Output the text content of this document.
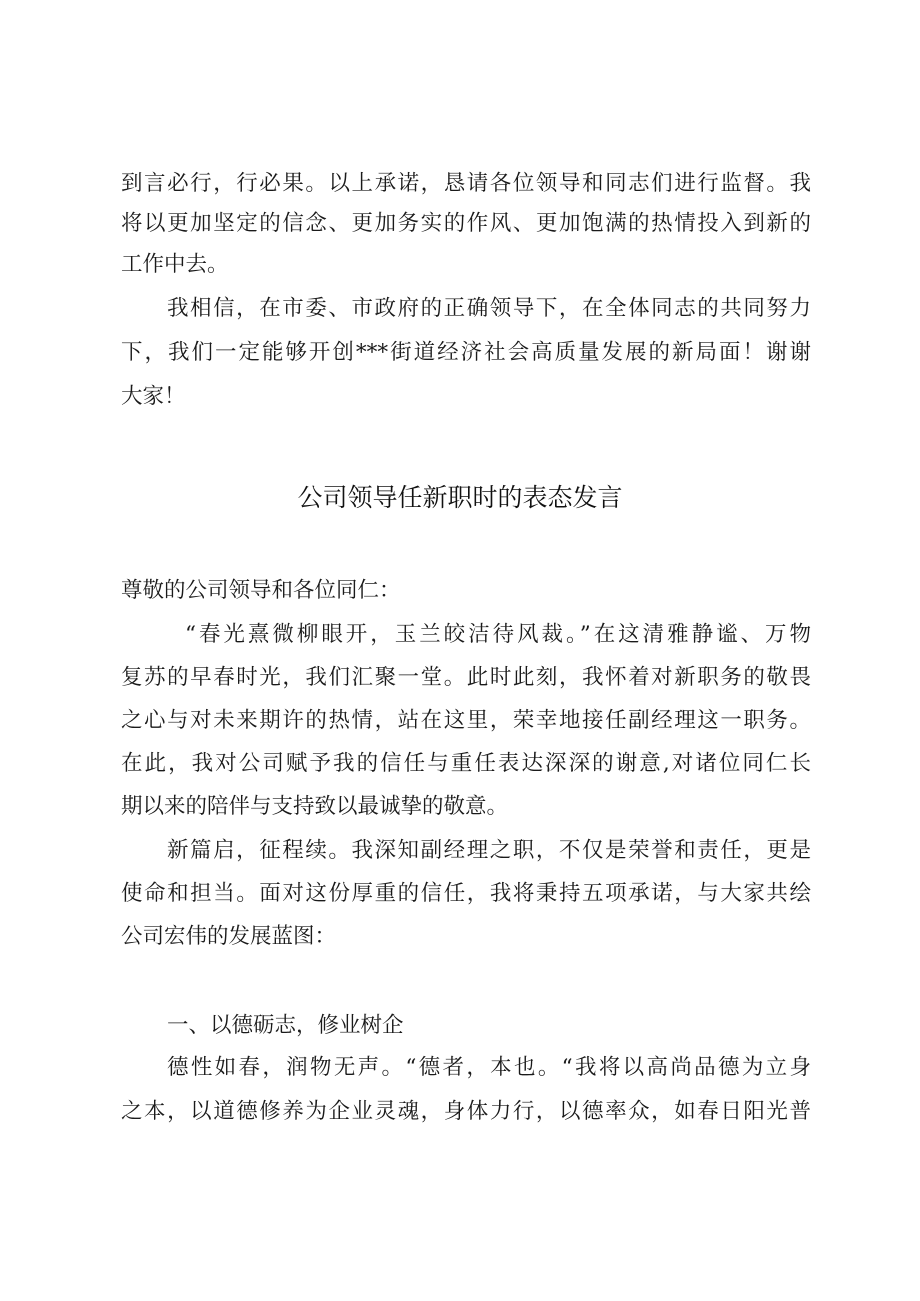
到言必行，行必果。以上承诺，恳请各位领导和同志们进行监督。我
将以更加坚定的信念、更加务实的作风、更加饱满的热情投入到新的
工作中去。
我相信，在市委、市政府的正确领导下，在全体同志的共同努力
下，我们一定能够开创***街道经济社会高质量发展的新局面！谢谢
大家！
公司领导任新职时的表态发言
尊敬的公司领导和各位同仁：
“春光熹微柳眼开，玉兰皎洁待风裁。”在这清雅静谧、万物
复苏的早春时光，我们汇聚一堂。此时此刻，我怀着对新职务的敬畏
之心与对未来期许的热情，站在这里，荣幸地接任副经理这一职务。
在此，我对公司赋予我的信任与重任表达深深的谢意,对诸位同仁长
期以来的陪伴与支持致以最诚挚的敬意。
新篇启，征程续。我深知副经理之职，不仅是荣誉和责任，更是
使命和担当。面对这份厚重的信任，我将秉持五项承诺，与大家共绘
公司宏伟的发展蓝图：
一、以德砺志，修业树企
德性如春，润物无声。“德者，本也。“我将以高尚品德为立身
之本，以道德修养为企业灵魂，身体力行，以德率众，如春日阳光普
